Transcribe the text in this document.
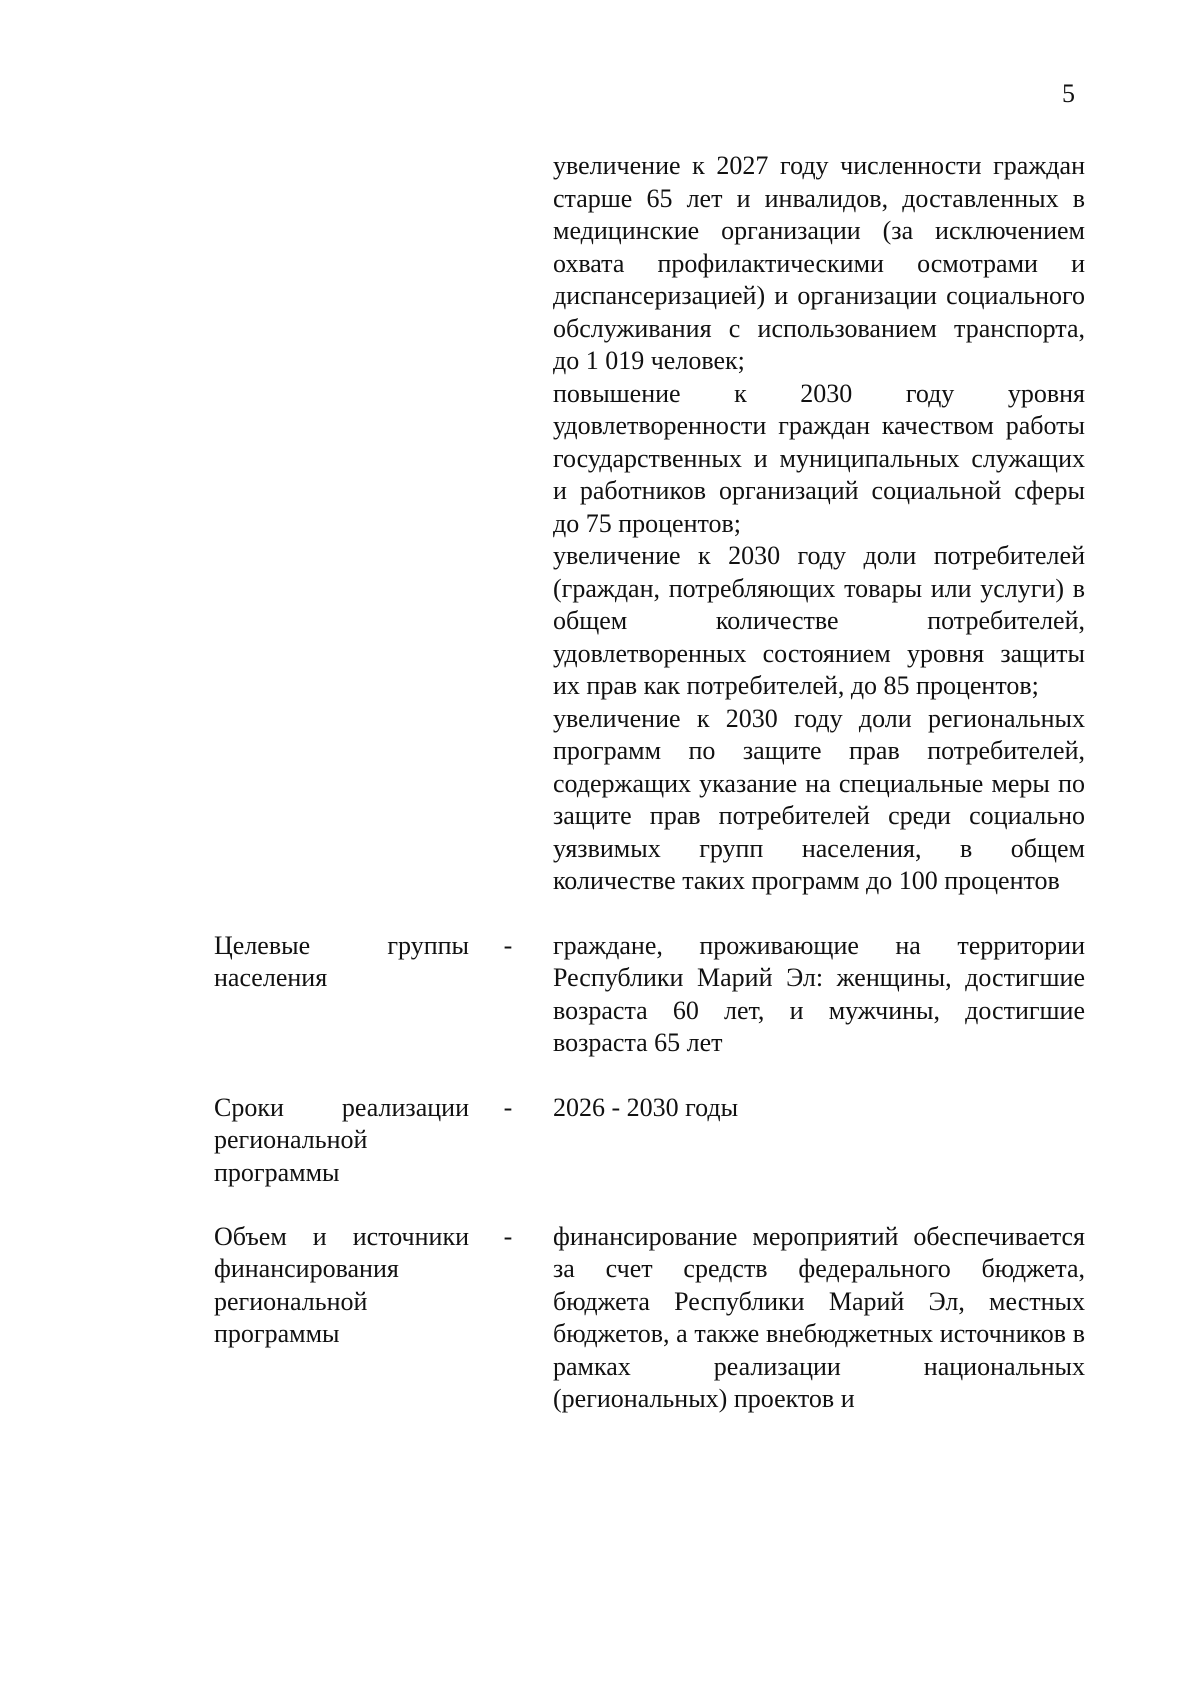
5

увеличение к 2027 году численности граждан старше 65 лет и инвалидов, доставленных в медицинские организации (за исключением охвата профилактическими осмотрами и диспансеризацией) и организации социального обслуживания с использованием транспорта, до 1 019 человек;

повышение к 2030 году уровня удовлетворенности граждан качеством работы государственных и муниципальных служащих и работников организаций социальной сферы до 75 процентов;

увеличение к 2030 году доли потребителей (граждан, потребляющих товары или услуги) в общем количестве потребителей, удовлетворенных состоянием уровня защиты их прав как потребителей, до 85 процентов;

увеличение к 2030 году доли региональных программ по защите прав потребителей, содержащих указание на специальные меры по защите прав потребителей среди социально уязвимых групп населения, в общем количестве таких программ до 100 процентов

Целевые группы населения
- граждане, проживающие на территории Республики Марий Эл: женщины, достигшие возраста 60 лет, и мужчины, достигшие возраста 65 лет

Сроки реализации региональной программы
- 2026 - 2030 годы

Объем и источники финансирования региональной программы
- финансирование мероприятий обеспечивается за счет средств федерального бюджета, бюджета Республики Марий Эл, местных бюджетов, а также внебюджетных источников в рамках реализации национальных (региональных) проектов и
